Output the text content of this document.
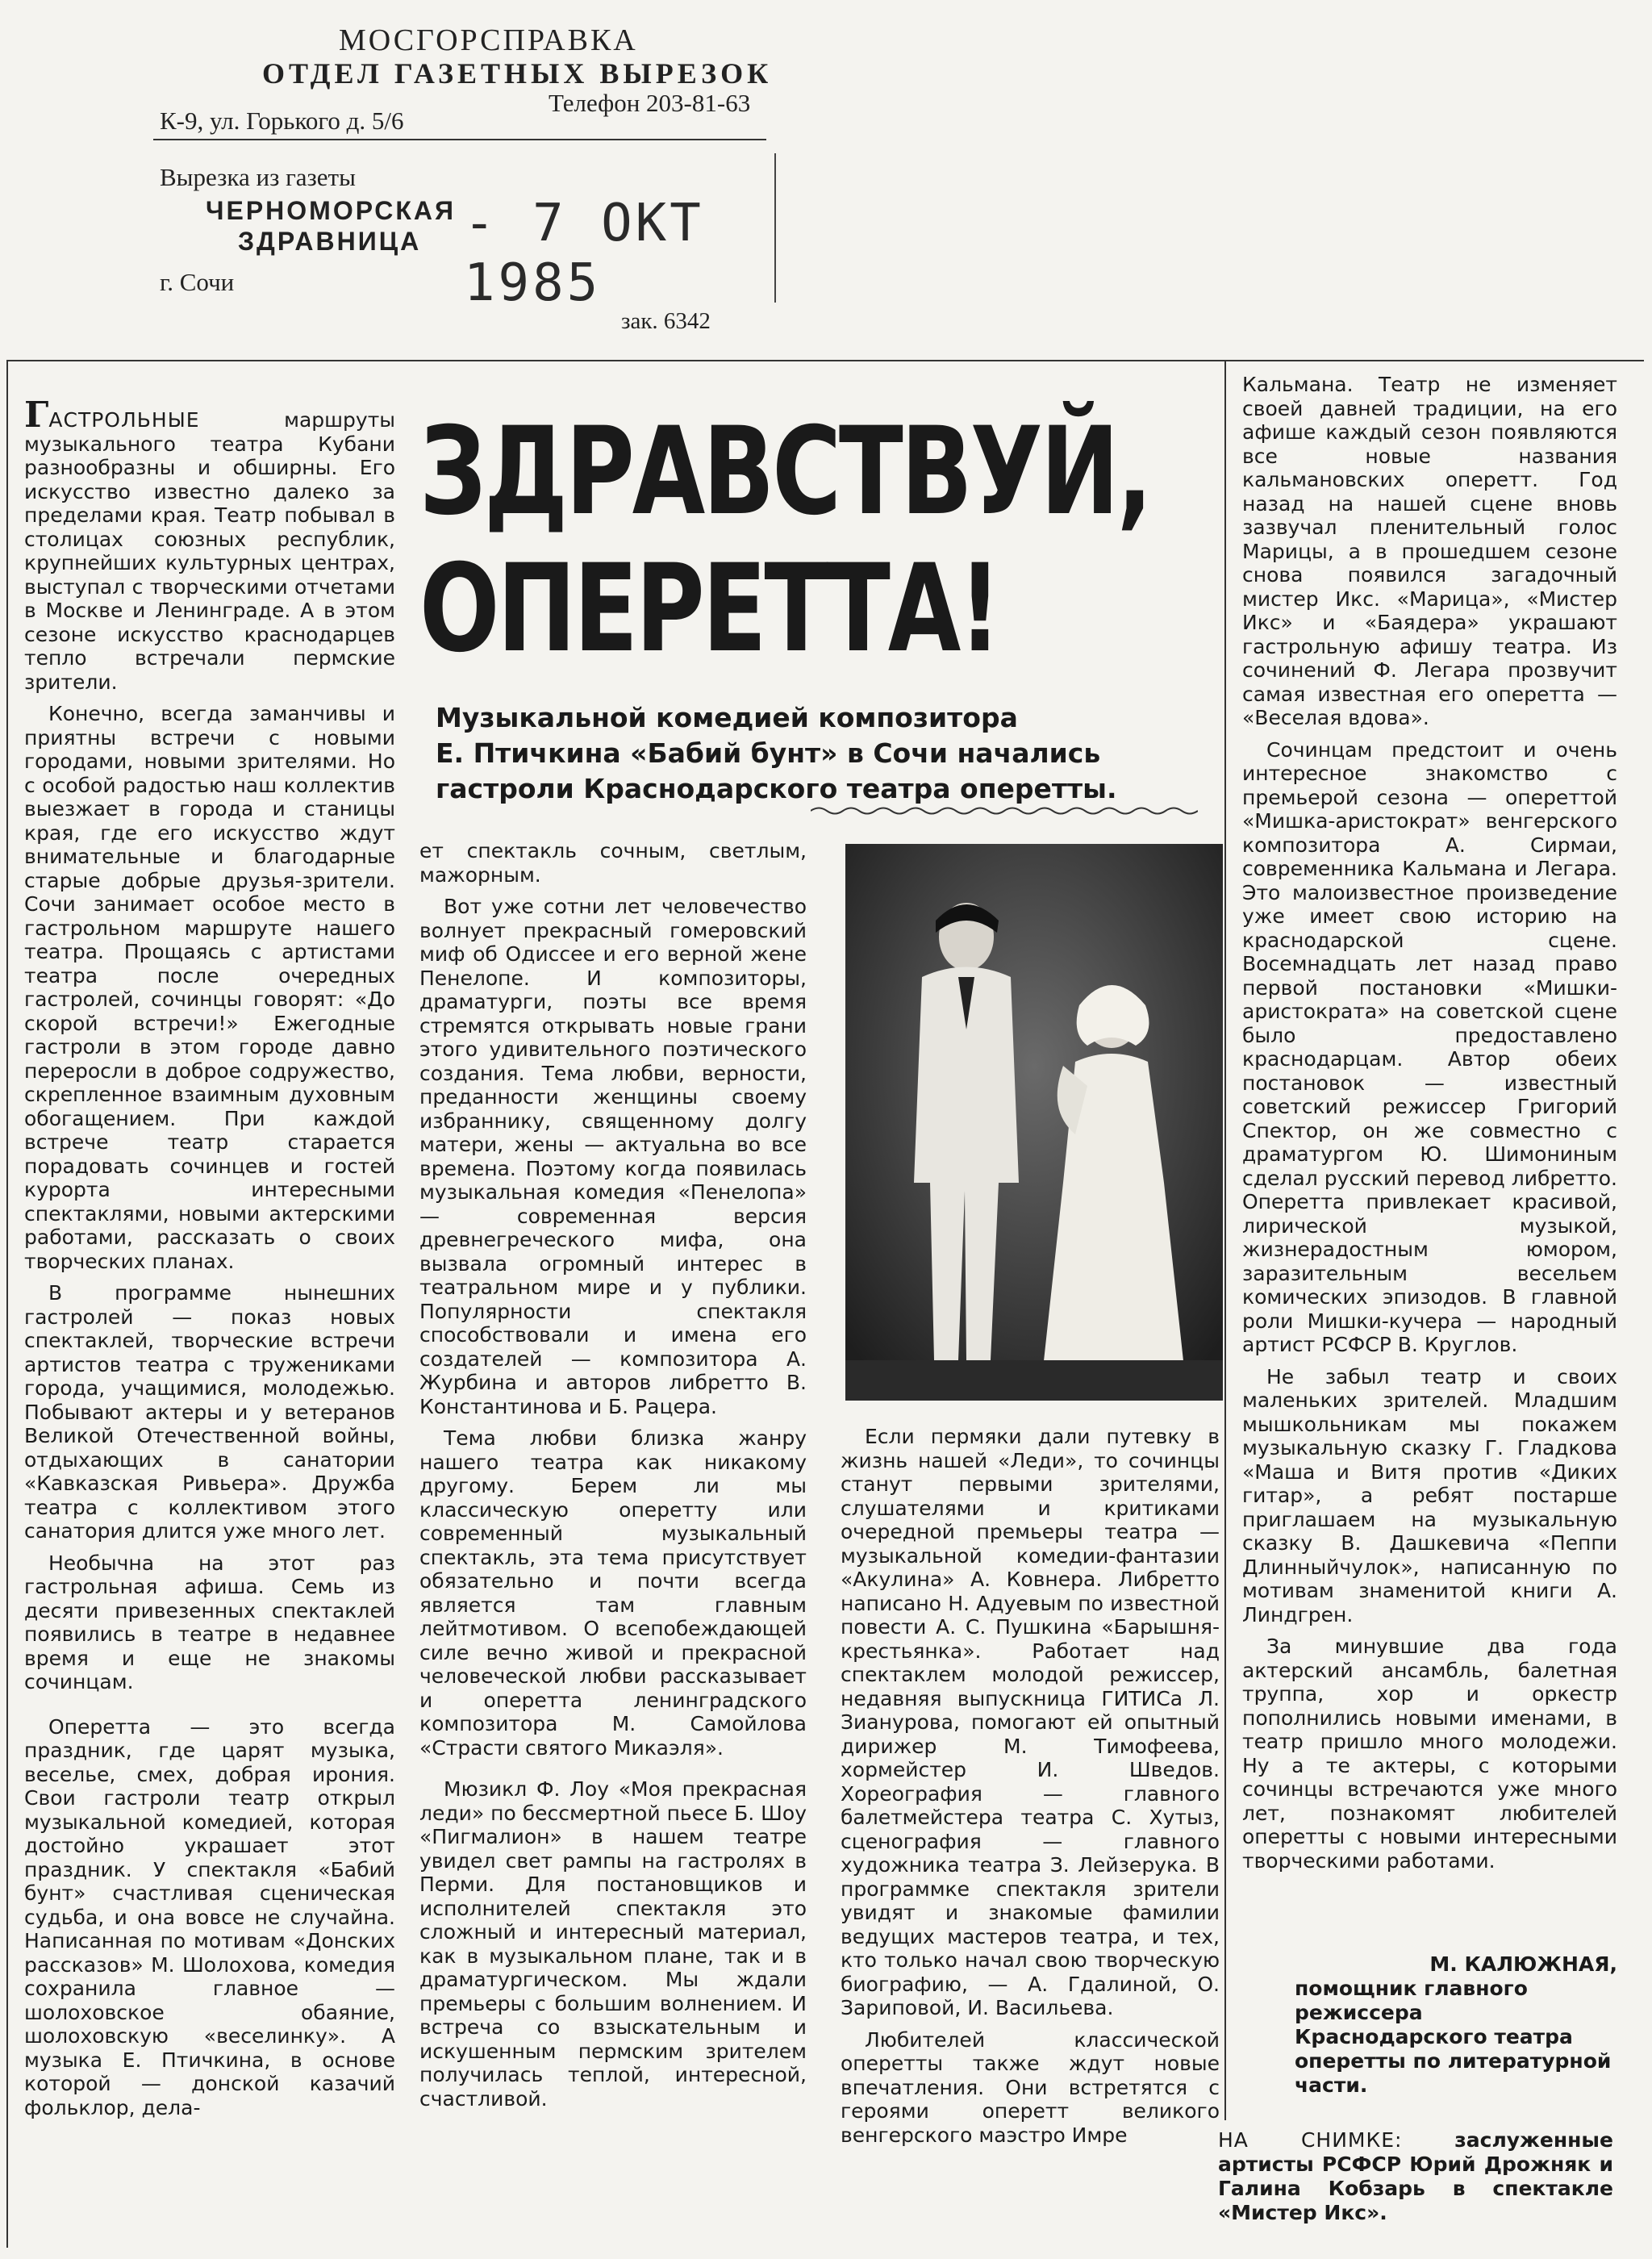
МОСГОРСПРАВКА
ОТДЕЛ ГАЗЕТНЫХ ВЫРЕЗОК
Телефон 203-81-63
К-9, ул. Горького д. 5/6
Вырезка из газеты
ЧЕРНОМОРСКАЯ
ЗДРАВНИЦА - 7 ОКТ 1985
г. Сочи
зак. 6342

ГАСТРОЛЬНЫЕ маршруты музыкального театра Кубани разнообразны и обширны. Его искусство известно далеко за пределами края. Театр побывал в столицах союзных республик, крупнейших культурных центрах, выступал с творческими отчетами в Москве и Ленинграде. А в этом сезоне искусство краснодарцев тепло встречали пермские зрители.

Конечно, всегда заманчивы и приятны встречи с новыми городами, новыми зрителями. Но с особой радостью наш коллектив выезжает в города и станицы края, где его искусство ждут внимательные и благодарные старые добрые друзья-зрители. Сочи занимает особое место в гастрольном маршруте нашего театра. Прощаясь с артистами театра после очередных гастролей, сочинцы говорят: «До скорой встречи!» Ежегодные гастроли в этом городе давно переросли в доброе содружество, скрепленное взаимным духовным обогащением. При каждой встрече театр старается порадовать сочинцев и гостей курорта интересными спектаклями, новыми актерскими работами, рассказать о своих творческих планах.

В программе нынешних гастролей — показ новых спектаклей, творческие встречи артистов театра с тружениками города, учащимися, молодежью. Побывают актеры и у ветеранов Великой Отечественной войны, отдыхающих в санатории «Кавказская Ривьера». Дружба театра с коллективом этого санатория длится уже много лет.

Необычна на этот раз гастрольная афиша. Семь из десяти привезенных спектаклей появились в театре в недавнее время и еще не знакомы сочинцам.

Оперетта — это всегда праздник, где царят музыка, веселье, смех, добрая ирония. Свои гастроли театр открыл музыкальной комедией, которая достойно украшает этот праздник. У спектакля «Бабий бунт» счастливая сценическая судьба, и она вовсе не случайна. Написанная по мотивам «Донских рассказов» М. Шолохова, комедия сохранила главное — шолоховское обаяние, шолоховскую «веселинку». А музыка Е. Птичкина, в основе которой — донской казачий фольклор, дела-

ЗДРАВСТВУЙ,
ОПЕРЕТТА!
Музыкальной комедией композитора
Е. Птичкина «Бабий бунт» в Сочи начались
гастроли Краснодарского театра оперетты.

ет спектакль сочным, светлым, мажорным.

Вот уже сотни лет человечество волнует прекрасный гомеровский миф об Одиссее и его верной жене Пенелопе. И композиторы, драматурги, поэты все время стремятся открывать новые грани этого удивительного поэтического создания. Тема любви, верности, преданности женщины своему избраннику, священному долгу матери, жены — актуальна во все времена. Поэтому когда появилась музыкальная комедия «Пенелопа» — современная версия древнегреческого мифа, она вызвала огромный интерес в театральном мире и у публики. Популярности спектакля способствовали и имена его создателей — композитора А. Журбина и авторов либретто В. Константинова и Б. Рацера.

Тема любви близка жанру нашего театра как никакому другому. Берем ли мы классическую оперетту или современный музыкальный спектакль, эта тема присутствует обязательно и почти всегда является там главным лейтмотивом. О всепобеждающей силе вечно живой и прекрасной человеческой любви рассказывает и оперетта ленинградского композитора М. Самойлова «Страсти святого Микаэля».

Мюзикл Ф. Лоу «Моя прекрасная леди» по бессмертной пьесе Б. Шоу «Пигмалион» в нашем театре увидел свет рампы на гастролях в Перми. Для постановщиков и исполнителей спектакля это сложный и интересный материал, как в музыкальном плане, так и в драматургическом. Мы ждали премьеры с большим волнением. И встреча со взыскательным и искушенным пермским зрителем получилась теплой, интересной, счастливой.

Если пермяки дали путевку в жизнь нашей «Леди», то сочинцы станут первыми зрителями, слушателями и критиками очередной премьеры театра — музыкальной комедии-фантазии «Акулина» А. Ковнера. Либретто написано Н. Адуевым по известной повести А. С. Пушкина «Барышня-крестьянка». Работает над спектаклем молодой режиссер, недавняя выпускница ГИТИСа Л. Зианурова, помогают ей опытный дирижер М. Тимофеева, хормейстер И. Шведов. Хореография — главного балетмейстера театра С. Хутыз, сценография — главного художника театра З. Лейзерука. В программке спектакля зрители увидят и знакомые фамилии ведущих мастеров театра, и тех, кто только начал свою творческую биографию, — А. Гдалиной, О. Зариповой, И. Васильева.

Любителей классической оперетты также ждут новые впечатления. Они встретятся с героями оперетт великого венгерского маэстро Имре

Кальмана. Театр не изменяет своей давней традиции, на его афише каждый сезон появляются все новые названия кальмановских оперетт. Год назад на нашей сцене вновь зазвучал пленительный голос Марицы, а в прошедшем сезоне снова появился загадочный мистер Икс. «Марица», «Мистер Икс» и «Баядера» украшают гастрольную афишу театра. Из сочинений Ф. Легара прозвучит самая известная его оперетта — «Веселая вдова».

Сочинцам предстоит и очень интересное знакомство с премьерой сезона — опереттой «Мишка-аристократ» венгерского композитора А. Сирмаи, современника Кальмана и Легара. Это малоизвестное произведение уже имеет свою историю на краснодарской сцене. Восемнадцать лет назад право первой постановки «Мишки-аристократа» на советской сцене было предоставлено краснодарцам. Автор обеих постановок — известный советский режиссер Григорий Спектор, он же совместно с драматургом Ю. Шимониным сделал русский перевод либретто. Оперетта привлекает красивой, лирической музыкой, жизнерадостным юмором, заразительным весельем комических эпизодов. В главной роли Мишки-кучера — народный артист РСФСР В. Круглов.

Не забыл театр и своих маленьких зрителей. Младшим мышкольникам мы покажем музыкальную сказку Г. Гладкова «Маша и Витя против «Диких гитар», а ребят постарше приглашаем на музыкальную сказку В. Дашкевича «Пеппи Длинныйчулок», написанную по мотивам знаменитой книги А. Линдгрен.

За минувшие два года актерский ансамбль, балетная труппа, хор и оркестр пополнились новыми именами, в театр пришло много молодежи. Ну а те актеры, с которыми сочинцы встречаются уже много лет, познакомят любителей оперетты с новыми интересными творческими работами.

М. КАЛЮЖНАЯ,
помощник главного режиссера Краснодарского театра оперетты по литературной части.
НА СНИМКЕ: заслуженные артисты РСФСР Юрий Дрожняк и Галина Кобзарь в спектакле «Мистер Икс».
